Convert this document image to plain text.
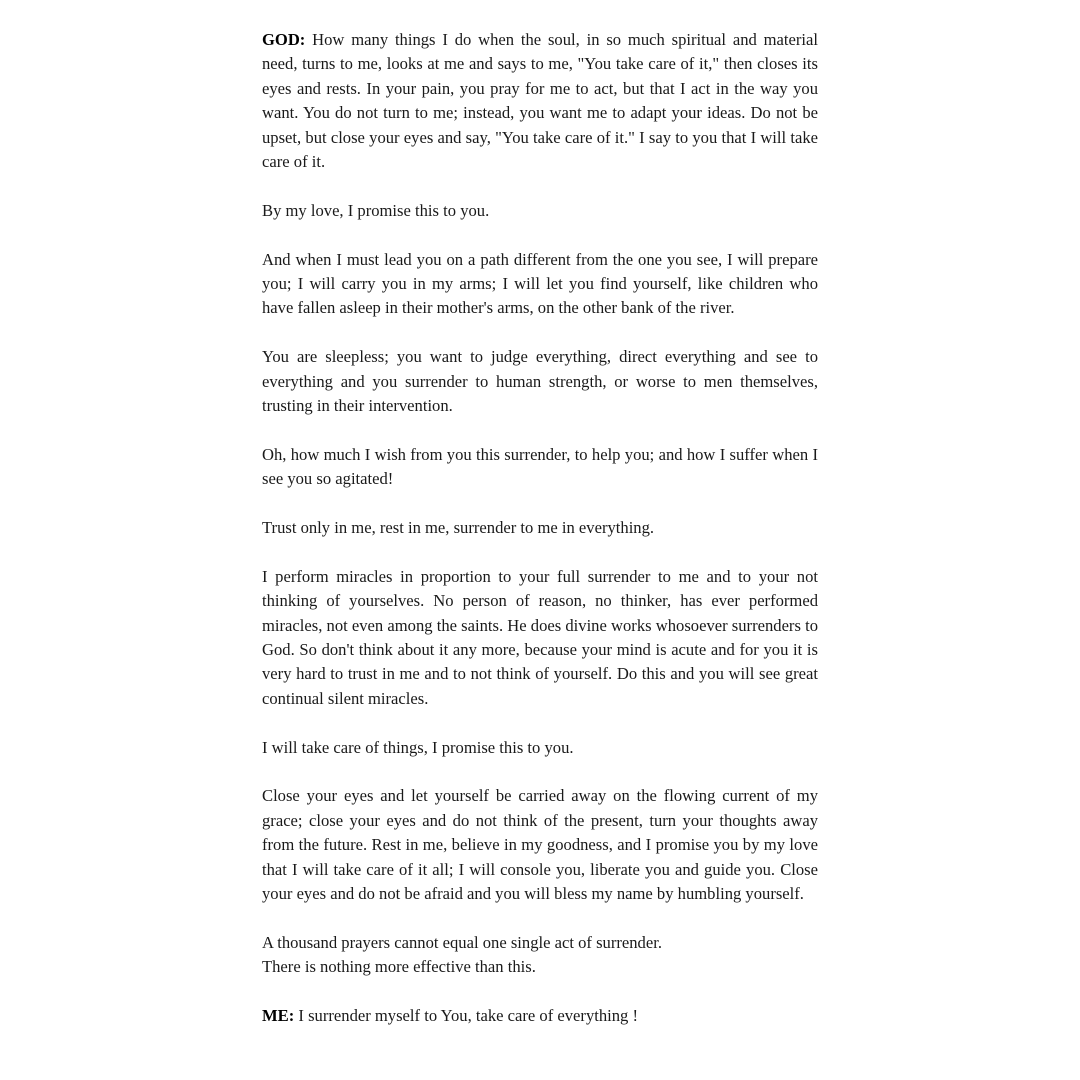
GOD: How many things I do when the soul, in so much spiritual and material need, turns to me, looks at me and says to me, "You take care of it," then closes its eyes and rests. In your pain, you pray for me to act, but that I act in the way you want. You do not turn to me; instead, you want me to adapt your ideas. Do not be upset, but close your eyes and say, "You take care of it." I say to you that I will take care of it.

By my love, I promise this to you.

And when I must lead you on a path different from the one you see, I will prepare you; I will carry you in my arms; I will let you find yourself, like children who have fallen asleep in their mother's arms, on the other bank of the river.

You are sleepless; you want to judge everything, direct everything and see to everything and you surrender to human strength, or worse to men themselves, trusting in their intervention.

Oh, how much I wish from you this surrender, to help you; and how I suffer when I see you so agitated!

Trust only in me, rest in me, surrender to me in everything.

I perform miracles in proportion to your full surrender to me and to your not thinking of yourselves. No person of reason, no thinker, has ever performed miracles, not even among the saints. He does divine works whosoever surrenders to God. So don't think about it any more, because your mind is acute and for you it is very hard to trust in me and to not think of yourself. Do this and you will see great continual silent miracles.

I will take care of things, I promise this to you.

Close your eyes and let yourself be carried away on the flowing current of my grace; close your eyes and do not think of the present, turn your thoughts away from the future. Rest in me, believe in my goodness, and I promise you by my love that I will take care of it all; I will console you, liberate you and guide you. Close your eyes and do not be afraid and you will bless my name by humbling yourself.

A thousand prayers cannot equal one single act of surrender.
There is nothing more effective than this.

ME: I surrender myself to You, take care of everything !
